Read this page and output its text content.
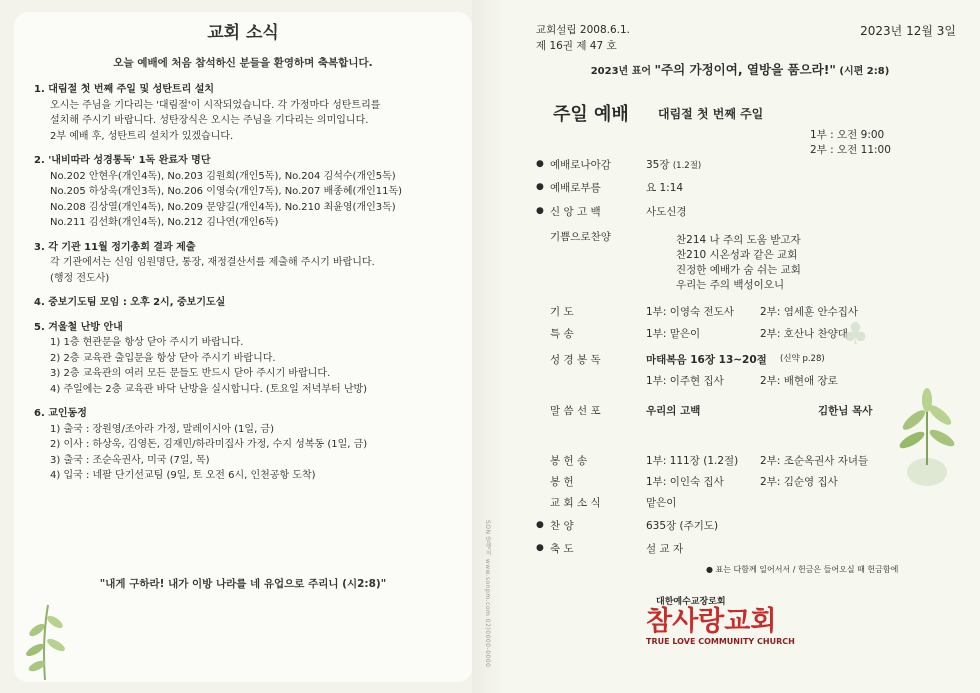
SON 발행처 www.sonpm.com 02)0000-0000
교회 소식
오늘 예배에 처음 참석하신 분들을 환영하며 축복합니다.
1. 대림절 첫 번째 주일 및 성탄트리 설치
오시는 주님을 기다리는 '대림절'이 시작되었습니다. 각 가정마다 성탄트리를
설치해 주시기 바랍니다. 성탄장식은 오시는 주님을 기다리는 의미입니다.
2부 예배 후, 성탄트리 설치가 있겠습니다.
2. '내비따라 성경통독' 1독 완료자 명단
No.202 안현우(개인4독), No.203 김원희(개인5독), No.204 김석수(개인5독)
No.205 하상욱(개인3독), No.206 이영숙(개인7독), No.207 배종혜(개인11독)
No.208 김상열(개인4독), No.209 문양길(개인4독), No.210 최윤영(개인3독)
No.211 김선화(개인4독), No.212 김나연(개인6독)
3. 각 기관 11월 정기총회 결과 제출
각 기관에서는 신임 임원명단, 통장, 재정결산서를 제출해 주시기 바랍니다.
(행정 전도사)
4. 중보기도팀 모임 : 오후 2시, 중보기도실
5. 겨울철 난방 안내
1) 1층 현관문을 항상 닫아 주시기 바랍니다.
2) 2층 교육관 출입문을 항상 닫아 주시기 바랍니다.
3) 2층 교육관의 여러 모든 문들도 반드시 닫아 주시기 바랍니다.
4) 주일에는 2층 교육관 바닥 난방을 실시합니다. (토요일 저녁부터 난방)
6. 교인동정
1) 출국 : 장원영/조아라 가정, 말레이시아 (1일, 금)
2) 이사 : 하상욱, 김영돈, 김재민/하라미집사 가정, 수지 성복동 (1일, 금)
3) 출국 : 조순옥권사, 미국 (7일, 목)
4) 입국 : 네팔 단기선교팀 (9일, 토 오전 6시, 인천공항 도착)
"내게 구하라! 내가 이방 나라를 네 유업으로 주리니 (시2:8)"
교회설립 2008.6.1.
제 16권 제 47 호
2023년 12월 3일
2023년 표어 "주의 가정이여, 열방을 품으라!" (시편 2:8)
주일 예배 대림절 첫 번째 주일
1부 : 오전 9:00
2부 : 오전 11:00
● 예배로나아감	35장 (1.2절)
● 예배로부름	요 1:14
● 신 앙 고 백	사도신경
기쁨으로찬양	찬214 나 주의 도움 받고자
찬210 시온성과 같은 교회
진정한 예배가 숨 쉬는 교회
우리는 주의 백성이오니
기 도	1부: 이영숙 전도사 2부: 염세훈 안수집사
특 송	1부: 맡은이	2부: 호산나 찬양대
성 경 봉 독	마태복음 16장 13~20절 (신약 p.28)
1부: 이주현 집사	2부: 배현애 장로
말 씀 선 포	우리의 고백	김한님 목사
봉 헌 송	1부: 111장 (1.2절) 2부: 조순옥권사 자녀들
봉 헌	1부: 이인숙 집사	2부: 김순영 집사
교 회 소 식	맡은이
● 찬 양	635장 (주기도)
● 축 도	설 교 자
● 표는 다함께 일어서서 / 헌금은 들어오실 때 헌금함에
♣
대한예수교장로회
참사랑교회
TRUE LOVE COMMUNITY CHURCH
